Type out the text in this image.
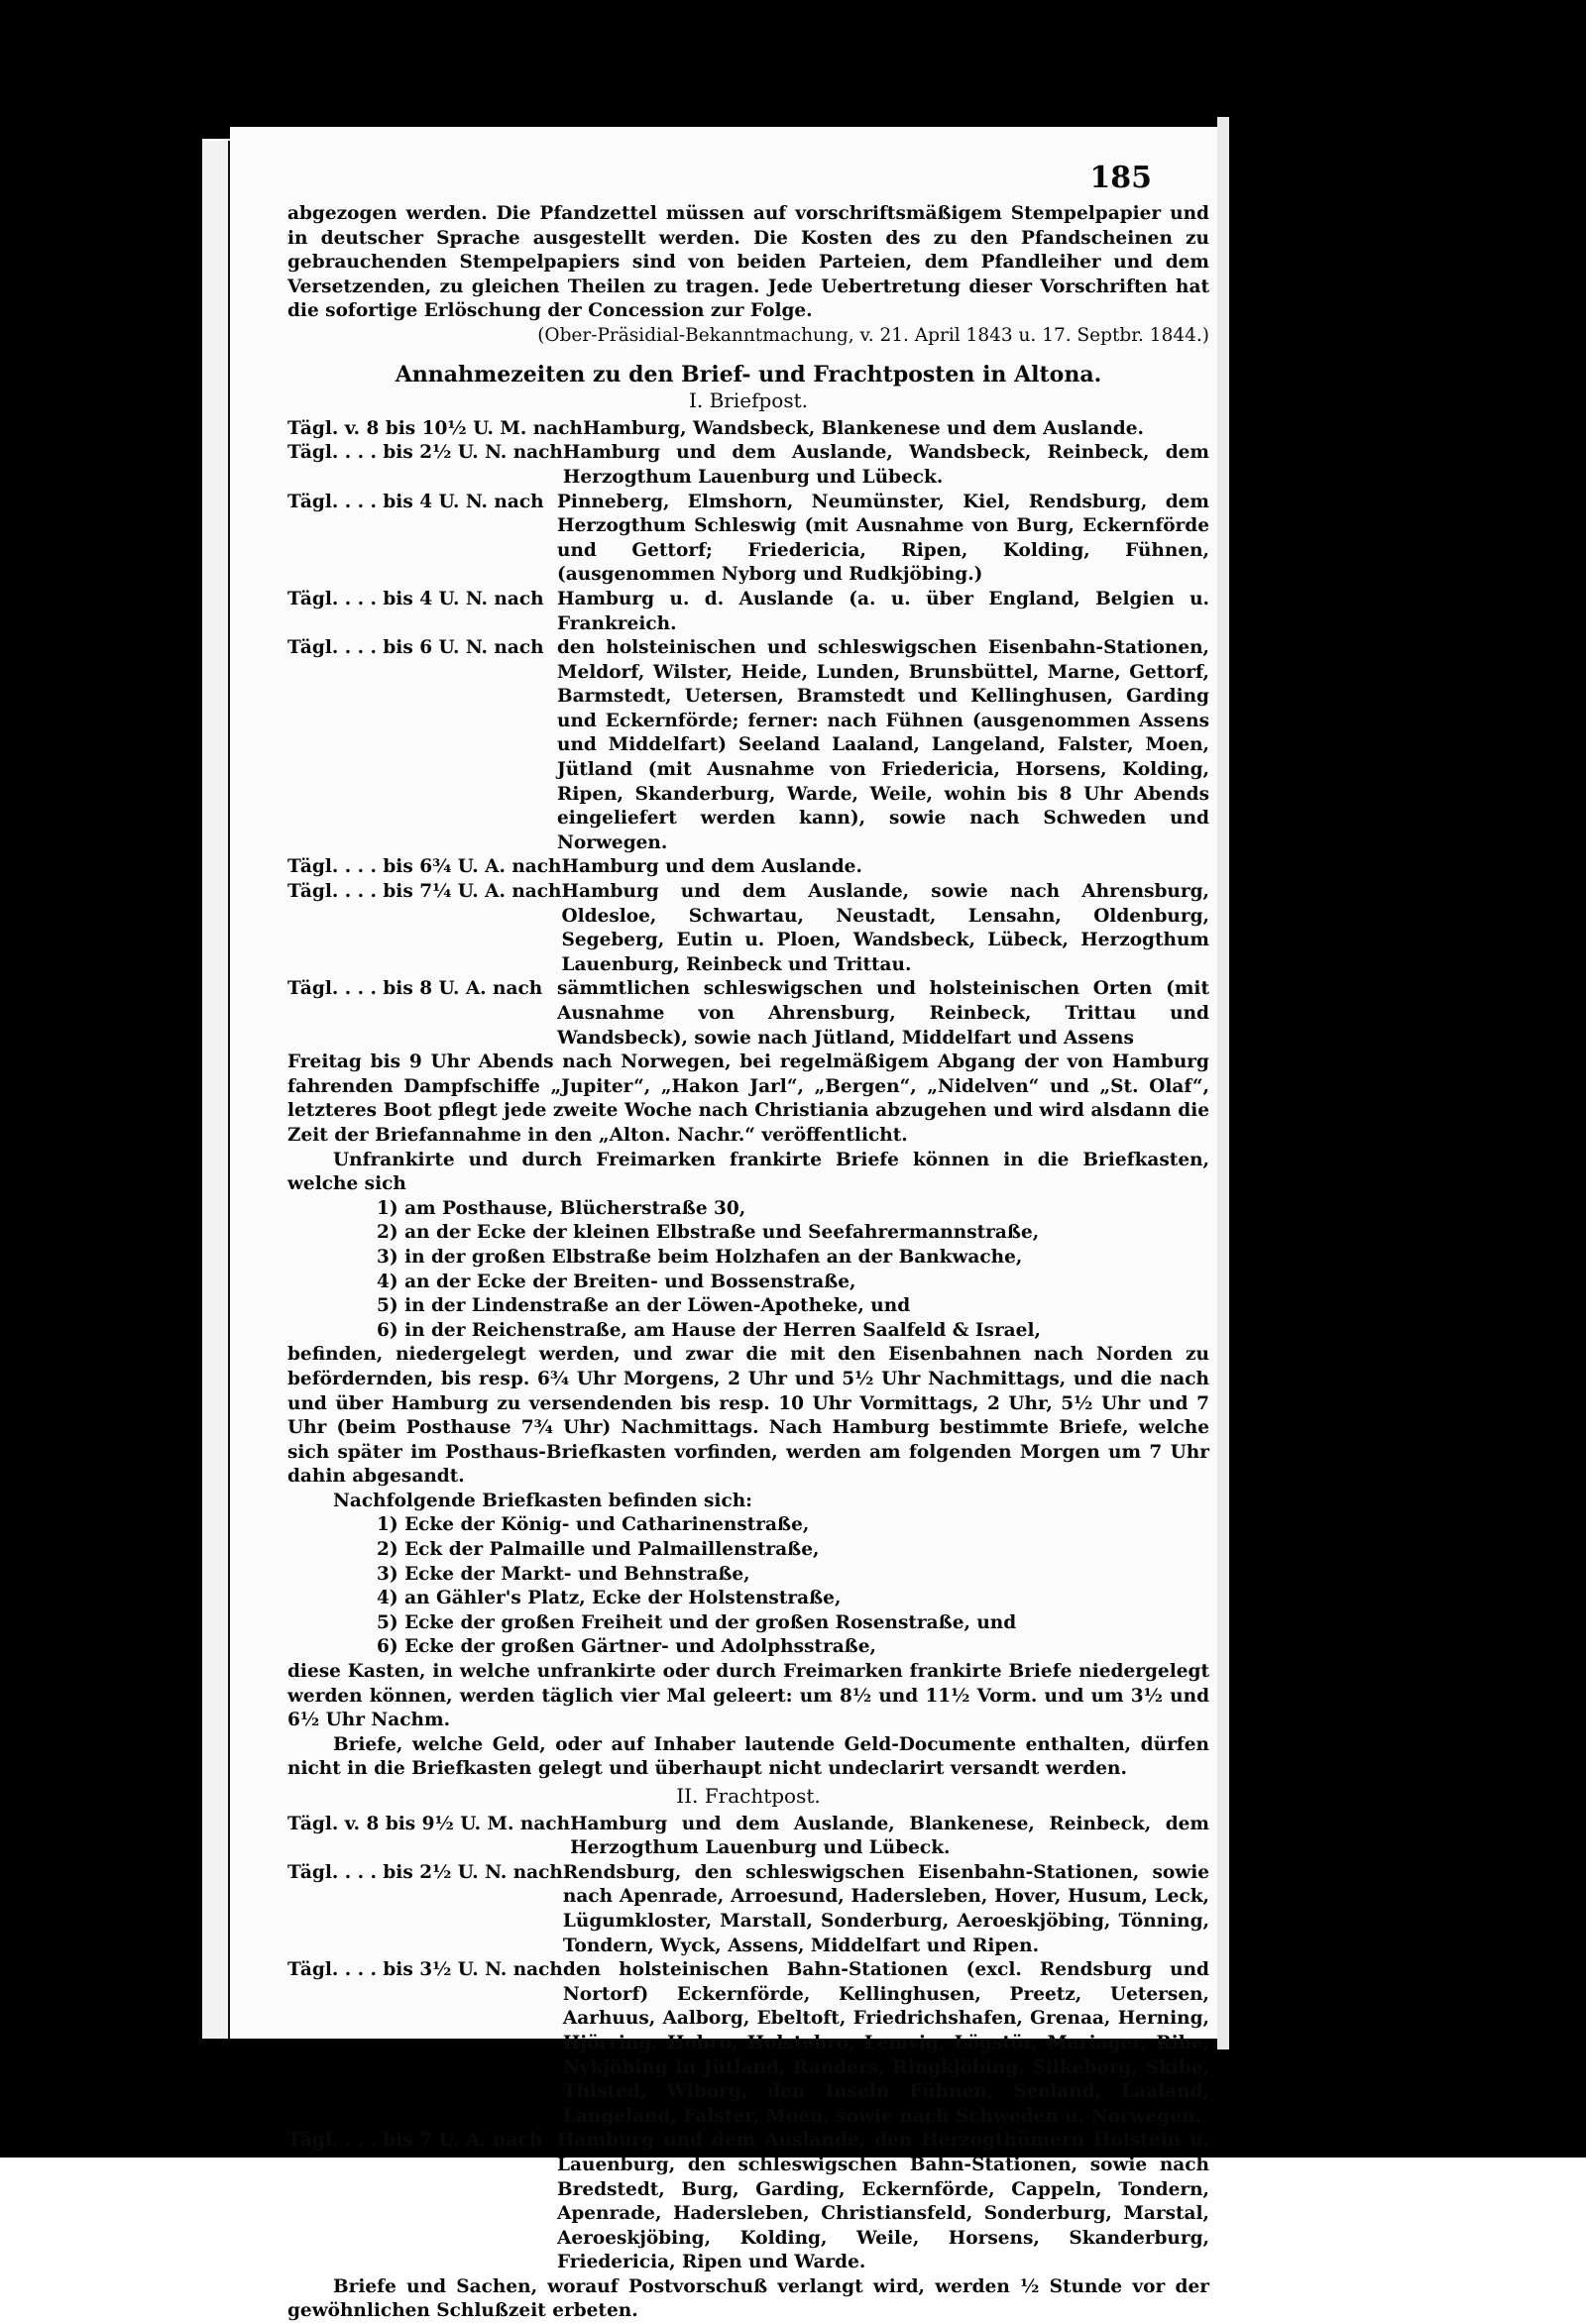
185

abgezogen werden. Die Pfandzettel müssen auf vorschriftsmäßigem Stempelpapier und in deutscher Sprache ausgestellt werden. Die Kosten des zu den Pfandscheinen zu gebrauchenden Stempelpapiers sind von beiden Parteien, dem Pfandleiher und dem Versetzenden, zu gleichen Theilen zu tragen. Jede Uebertretung dieser Vorschriften hat die sofortige Erlöschung der Concession zur Folge.

(Ober-Präsidial-Bekanntmachung, v. 21. April 1843 u. 17. Septbr. 1844.)

Annahmezeiten zu den Brief- und Frachtposten in Altona.
I. Briefpost.
Tägl. v. 8 bis 10½ U. M. nach Hamburg, Wandsbeck, Blankenese und dem Auslande.
Tägl. . . . bis 2½ U. N. nach Hamburg und dem Auslande, Wandsbeck, Reinbeck, dem Herzogthum Lauenburg und Lübeck.
Tägl. . . . bis 4 U. N. nach Pinneberg, Elmshorn, Neumünster, Kiel, Rendsburg, dem Herzogthum Schleswig (mit Ausnahme von Burg, Eckernförde und Gettorf; Friedericia, Ripen, Kolding, Fühnen, (ausgenommen Nyborg und Rudkjöbing.)
Tägl. . . . bis 4 U. N. nach Hamburg u. d. Auslande (a. u. über England, Belgien u. Frankreich.
Tägl. . . . bis 6 U. N. nach den holsteinischen und schleswigschen Eisenbahn-Stationen, Meldorf, Wilster, Heide, Lunden, Brunsbüttel, Marne, Gettorf, Barmstedt, Uetersen, Bramstedt und Kellinghusen, Garding und Eckernförde; ferner: nach Fühnen (ausgenommen Assens und Middelfart) Seeland Laaland, Langeland, Falster, Moen, Jütland (mit Ausnahme von Friedericia, Horsens, Kolding, Ripen, Skanderburg, Warde, Weile, wohin bis 8 Uhr Abends eingeliefert werden kann), sowie nach Schweden und Norwegen.
Tägl. . . . bis 6¾ U. A. nach Hamburg und dem Auslande.
Tägl. . . . bis 7¼ U. A. nach Hamburg und dem Auslande, sowie nach Ahrensburg, Oldesloe, Schwartau, Neustadt, Lensahn, Oldenburg, Segeberg, Eutin u. Ploen, Wandsbeck, Lübeck, Herzogthum Lauenburg, Reinbeck und Trittau.
Tägl. . . . bis 8 U. A. nach sämmtlichen schleswigschen und holsteinischen Orten (mit Ausnahme von Ahrensburg, Reinbeck, Trittau und Wandsbeck), sowie nach Jütland, Middelfart und Assens

Freitag bis 9 Uhr Abends nach Norwegen, bei regelmäßigem Abgang der von Hamburg fahrenden Dampfschiffe „Jupiter“, „Hakon Jarl“, „Bergen“, „Nidelven“ und „St. Olaf“, letzteres Boot pflegt jede zweite Woche nach Christiania abzugehen und wird alsdann die Zeit der Briefannahme in den „Alton. Nachr.“ veröffentlicht.

Unfrankirte und durch Freimarken frankirte Briefe können in die Briefkasten, welche sich

1) am Posthause, Blücherstraße 30,
2) an der Ecke der kleinen Elbstraße und Seefahrermannstraße,
3) in der großen Elbstraße beim Holzhafen an der Bankwache,
4) an der Ecke der Breiten- und Bossenstraße,
5) in der Lindenstraße an der Löwen-Apotheke, und
6) in der Reichenstraße, am Hause der Herren Saalfeld & Israel,

befinden, niedergelegt werden, und zwar die mit den Eisenbahnen nach Norden zu befördernden, bis resp. 6¾ Uhr Morgens, 2 Uhr und 5½ Uhr Nachmittags, und die nach und über Hamburg zu versendenden bis resp. 10 Uhr Vormittags, 2 Uhr, 5½ Uhr und 7 Uhr (beim Posthause 7¾ Uhr) Nachmittags. Nach Hamburg bestimmte Briefe, welche sich später im Posthaus-Briefkasten vorfinden, werden am folgenden Morgen um 7 Uhr dahin abgesandt.

Nachfolgende Briefkasten befinden sich:

1) Ecke der König- und Catharinenstraße,
2) Eck der Palmaille und Palmaillenstraße,
3) Ecke der Markt- und Behnstraße,
4) an Gähler's Platz, Ecke der Holstenstraße,
5) Ecke der großen Freiheit und der großen Rosenstraße, und
6) Ecke der großen Gärtner- und Adolphsstraße,

diese Kasten, in welche unfrankirte oder durch Freimarken frankirte Briefe niedergelegt werden können, werden täglich vier Mal geleert: um 8½ und 11½ Vorm. und um 3½ und 6½ Uhr Nachm.

Briefe, welche Geld, oder auf Inhaber lautende Geld-Documente enthalten, dürfen nicht in die Briefkasten gelegt und überhaupt nicht undeclarirt versandt werden.

II. Frachtpost.
Tägl. v. 8 bis 9½ U. M. nach Hamburg und dem Auslande, Blankenese, Reinbeck, dem Herzogthum Lauenburg und Lübeck.
Tägl. . . . bis 2½ U. N. nach Rendsburg, den schleswigschen Eisenbahn-Stationen, sowie nach Apenrade, Arroesund, Hadersleben, Hover, Husum, Leck, Lügumkloster, Marstall, Sonderburg, Aeroeskjöbing, Tönning, Tondern, Wyck, Assens, Middelfart und Ripen.
Tägl. . . . bis 3½ U. N. nach den holsteinischen Bahn-Stationen (excl. Rendsburg und Nortorf) Eckernförde, Kellinghusen, Preetz, Uetersen, Aarhuus, Aalborg, Ebeltoft, Friedrichshafen, Grenaa, Herning, Hjörring, Hobro, Holstebro, Lemvig, Lögstör, Mariager, Ribe, Nykjöbing in Jütland, Randers, Ringkjöbing, Silkeborg, Skibe, Thisted, Wiborg, den Inseln Fühnen, Seeland, Laaland, Langeland, Falster, Moen, sowie nach Schweden u. Norwegen.
Tägl. . . . bis 7 U. A. nach Hamburg und dem Auslande, den Herzogthümern Holstein u. Lauenburg, den schleswigschen Bahn-Stationen, sowie nach Bredstedt, Burg, Garding, Eckernförde, Cappeln, Tondern, Apenrade, Hadersleben, Christiansfeld, Sonderburg, Marstal, Aeroeskjöbing, Kolding, Weile, Horsens, Skanderburg, Friedericia, Ripen und Warde.

Briefe und Sachen, worauf Postvorschuß verlangt wird, werden ½ Stunde vor der gewöhnlichen Schlußzeit erbeten.
